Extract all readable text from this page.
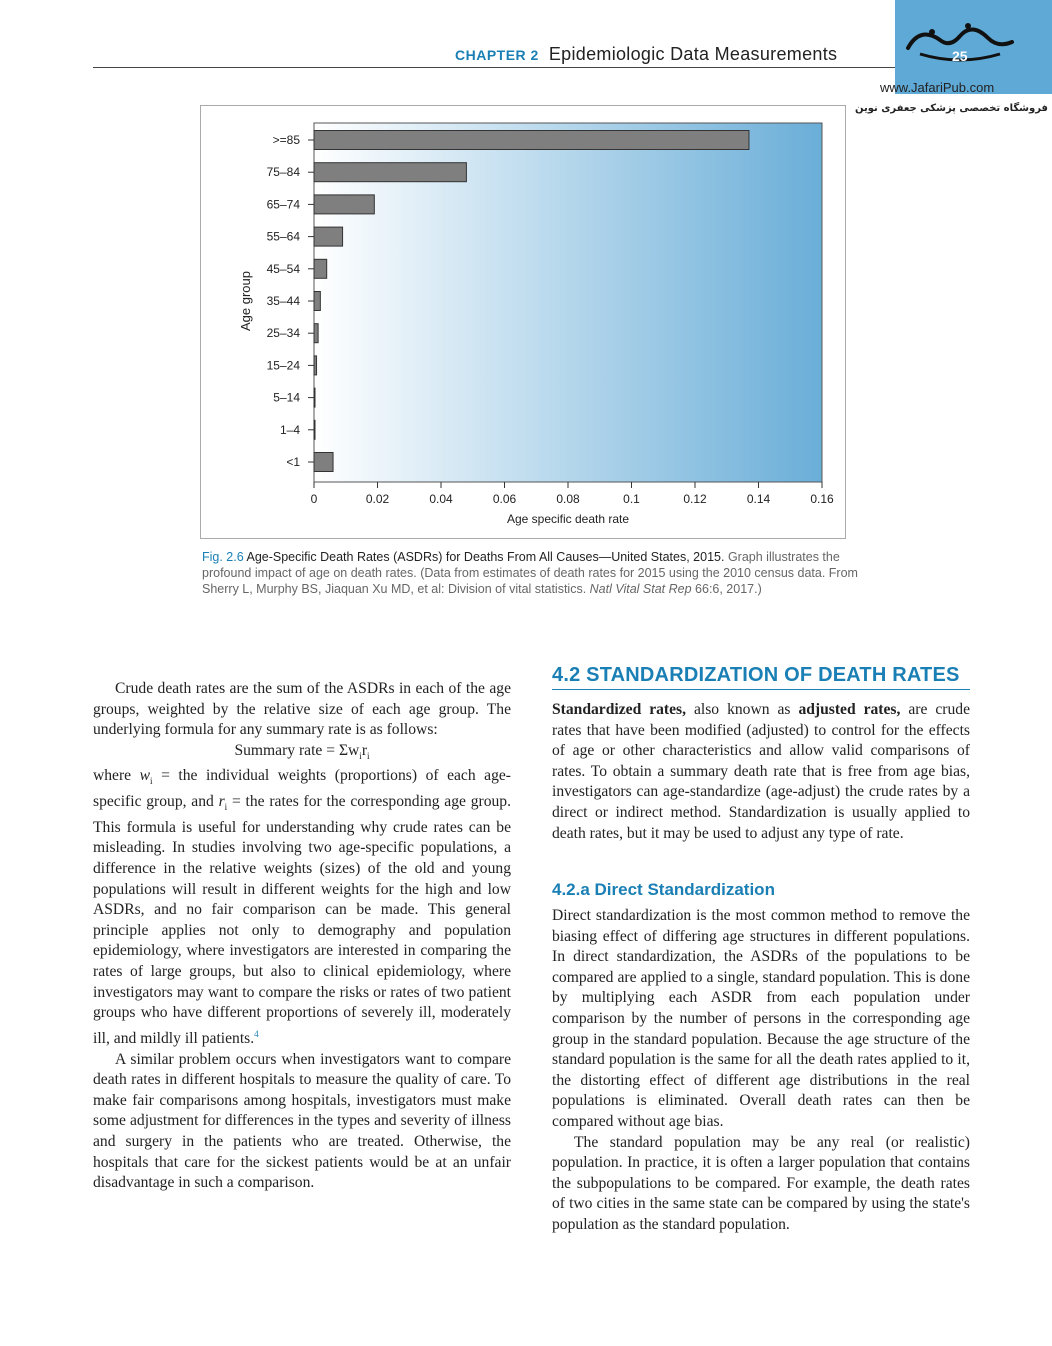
25
www.JafariPub.com
فروشگاه تخصصی پزشکی جعفری نوین
CHAPTER 2 Epidemiologic Data Measurements
>=85
75–84
65–74
55–64
45–54
35–44
25–34
15–24
5–14
1–4
<1
0	0.02	0.04	0.06	0.08	0.1	0.12	0.14	0.16
Age specific death rate
Age group
Fig. 2.6 Age-Specific Death Rates (ASDRs) for Deaths From All Causes—United States, 2015. Graph illustrates the profound impact of age on death rates. (Data from estimates of death rates for 2015 using the 2010 census data. From Sherry L, Murphy BS, Jiaquan Xu MD, et al: Division of vital statistics. Natl Vital Stat Rep 66:6, 2017.)

Crude death rates are the sum of the ASDRs in each of the age groups, weighted by the relative size of each age group. The underlying formula for any summary rate is as follows:

Summary rate = $\Sigma w_ir_i$

where $w_i$ = the individual weights (proportions) of each age-specific group, and $r_i$ = the rates for the corresponding age group. This formula is useful for understanding why crude rates can be misleading. In studies involving two age-specific populations, a difference in the relative weights (sizes) of the old and young populations will result in different weights for the high and low ASDRs, and no fair comparison can be made. This general principle applies not only to demography and population epidemiology, where investigators are interested in comparing the rates of large groups, but also to clinical epidemiology, where investigators may want to compare the risks or rates of two patient groups who have different proportions of severely ill, moderately ill, and mildly ill patients.$^4$

A similar problem occurs when investigators want to compare death rates in different hospitals to measure the quality of care. To make fair comparisons among hospitals, investigators must make some adjustment for differences in the types and severity of illness and surgery in the patients who are treated. Otherwise, the hospitals that care for the sickest patients would be at an unfair disadvantage in such a comparison.

4.2 STANDARDIZATION OF DEATH RATES

Standardized rates, also known as adjusted rates, are crude rates that have been modified (adjusted) to control for the effects of age or other characteristics and allow valid comparisons of rates. To obtain a summary death rate that is free from age bias, investigators can age-standardize (age-adjust) the crude rates by a direct or indirect method. Standardization is usually applied to death rates, but it may be used to adjust any type of rate.

4.2.a Direct Standardization

Direct standardization is the most common method to remove the biasing effect of differing age structures in different populations. In direct standardization, the ASDRs of the populations to be compared are applied to a single, standard population. This is done by multiplying each ASDR from each population under comparison by the number of persons in the corresponding age group in the standard population. Because the age structure of the standard population is the same for all the death rates applied to it, the distorting effect of different age distributions in the real populations is eliminated. Overall death rates can then be compared without age bias.

The standard population may be any real (or realistic) population. In practice, it is often a larger population that contains the subpopulations to be compared. For example, the death rates of two cities in the same state can be compared by using the state's population as the standard population.
